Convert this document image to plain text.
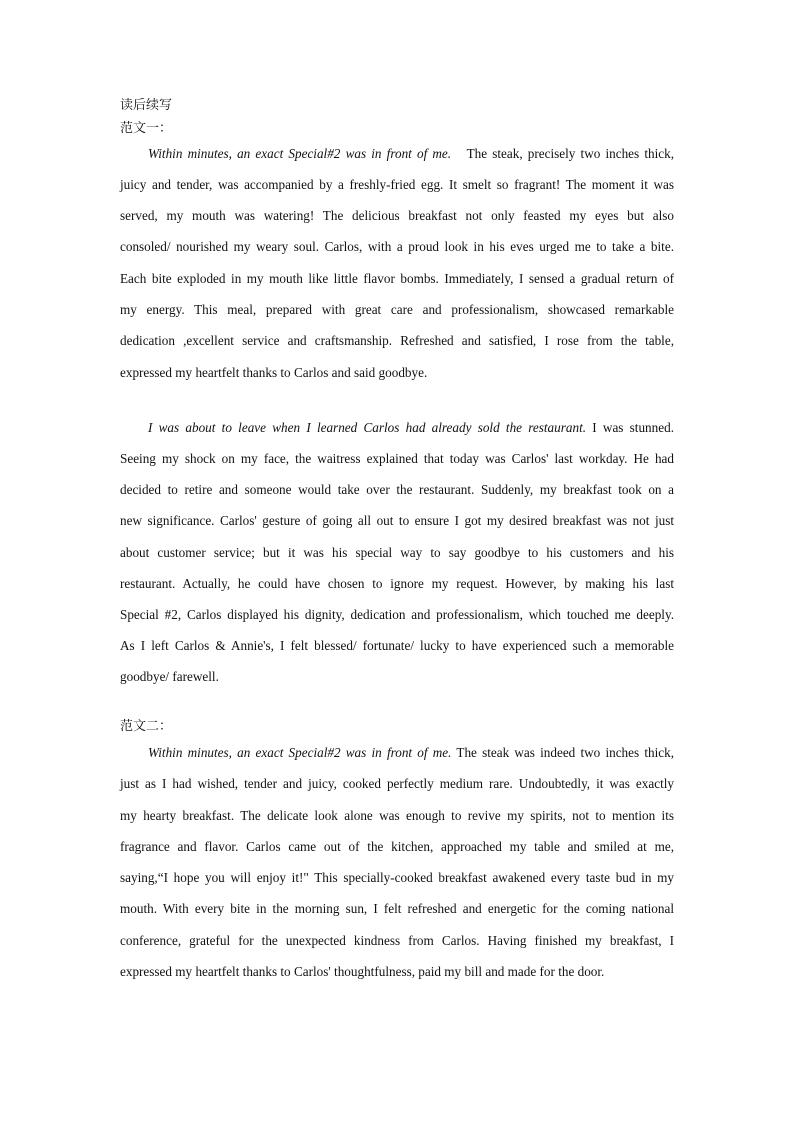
读后续写
范文一：
Within minutes, an exact Special#2 was in front of me. The steak, precisely two inches thick,
juicy and tender, was accompanied by a freshly-fried egg. It smelt so fragrant! The moment it was
served, my mouth was watering! The delicious breakfast not only feasted my eyes but also
consoled/ nourished my weary soul. Carlos, with a proud look in his eves urged me to take a bite.
Each bite exploded in my mouth like little flavor bombs. Immediately, I sensed a gradual return of
my energy. This meal, prepared with great care and professionalism, showcased remarkable
dedication ,excellent service and craftsmanship. Refreshed and satisfied, I rose from the table,
expressed my heartfelt thanks to Carlos and said goodbye.
I was about to leave when I learned Carlos had already sold the restaurant. I was stunned.
Seeing my shock on my face, the waitress explained that today was Carlos' last workday. He had
decided to retire and someone would take over the restaurant. Suddenly, my breakfast took on a
new significance. Carlos' gesture of going all out to ensure I got my desired breakfast was not just
about customer service; but it was his special way to say goodbye to his customers and his
restaurant. Actually, he could have chosen to ignore my request. However, by making his last
Special #2, Carlos displayed his dignity, dedication and professionalism, which touched me deeply.
As I left Carlos & Annie's, I felt blessed/ fortunate/ lucky to have experienced such a memorable
goodbye/ farewell.
范文二：
Within minutes, an exact Special#2 was in front of me. The steak was indeed two inches thick,
just as I had wished, tender and juicy, cooked perfectly medium rare. Undoubtedly, it was exactly
my hearty breakfast. The delicate look alone was enough to revive my spirits, not to mention its
fragrance and flavor. Carlos came out of the kitchen, approached my table and smiled at me,
saying,“I hope you will enjoy it!" This specially-cooked breakfast awakened every taste bud in my
mouth. With every bite in the morning sun, I felt refreshed and energetic for the coming national
conference, grateful for the unexpected kindness from Carlos. Having finished my breakfast, I
expressed my heartfelt thanks to Carlos' thoughtfulness, paid my bill and made for the door.
